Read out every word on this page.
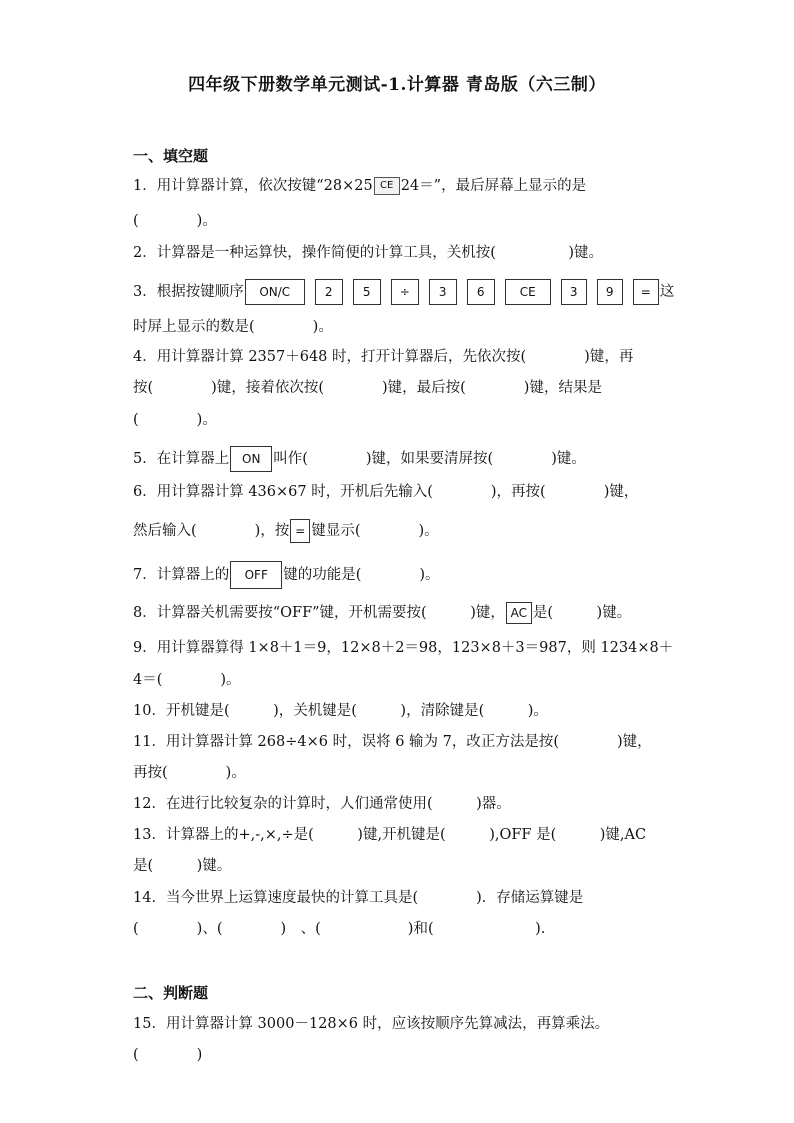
四年级下册数学单元测试-1.计算器 青岛版（六三制）
一、填空题
1．用计算器计算，依次按键“28×25 CE 24＝”，最后屏幕上显示的是
(　　　　)。
2．计算器是一种运算快，操作简便的计算工具，关机按(　　　　　)键。
3．根据按键顺序	ON/C	2	5	÷	3	6	CE	3	9	= 这
时屏上显示的数是(　　　　)。
4．用计算器计算 2357＋648 时，打开计算器后，先依次按(　　　　)键，再
按(　　　　)键，接着依次按(　　　　)键，最后按(　　　　)键，结果是
(　　　　)。
5．在计算器上 ON 叫作(　　　　)键，如果要清屏按(　　　　)键。
6．用计算器计算 436×67 时，开机后先输入(　　　　)，再按(　　　　)键，
然后输入(　　　　)，按 = 键显示(　　　　)。
7．计算器上的 OFF 键的功能是(　　　　)。
8．计算器关机需要按“OFF”键，开机需要按(　　　)键， AC 是(　　　)键。
9．用计算器算得 1×8＋1＝9，12×8＋2＝98，123×8＋3＝987，则 1234×8＋
4＝(　　　　)。
10．开机键是(　　　)，关机键是(　　　)，清除键是(　　　)。
11．用计算器计算 268÷4×6 时，误将 6 输为 7，改正方法是按(　　　　)键，
再按(　　　　)。
12．在进行比较复杂的计算时，人们通常使用(　　　)器。
13．计算器上的+,-,×,÷是(　　　)键,开机键是(　　　),OFF 是(　　　)键,AC
是(　　　)键。
14．当今世界上运算速度最快的计算工具是(　　　　)．存储运算键是
(　　　　)、(　　　　)　、(　　　　　　)和(　　　　　　　).
二、判断题
15．用计算器计算 3000－128×6 时，应该按顺序先算减法，再算乘法。
(　　　　)
